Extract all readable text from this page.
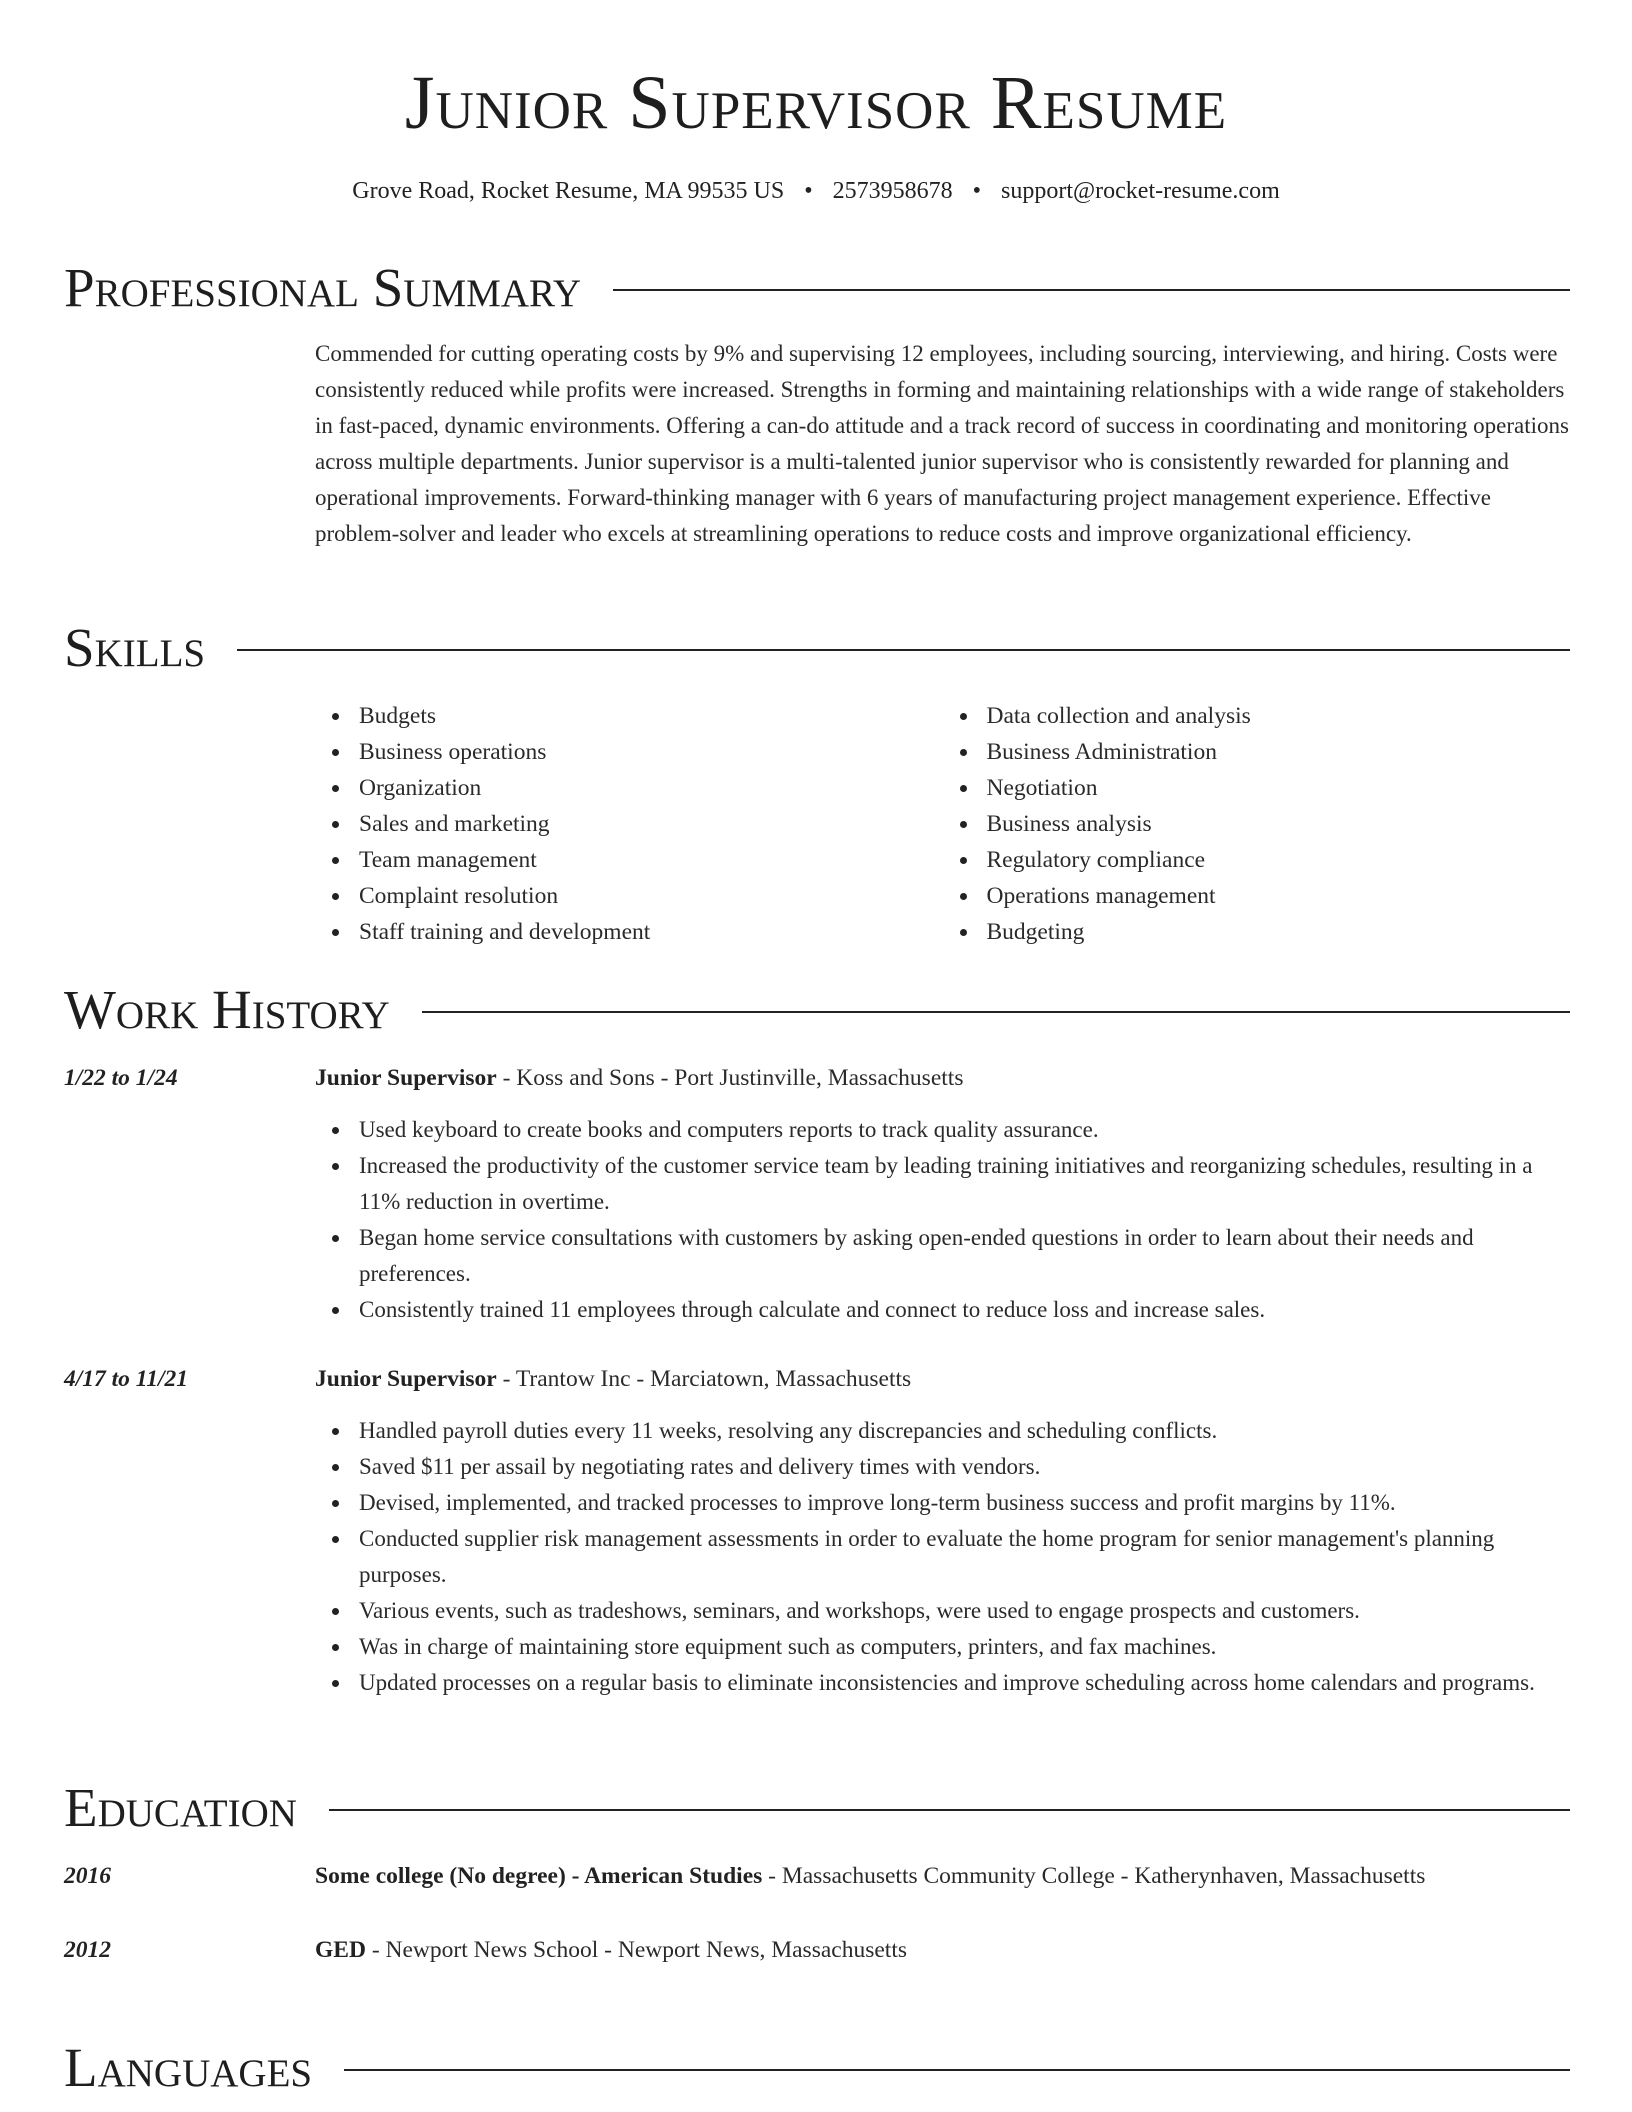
Junior Supervisor Resume
Grove Road, Rocket Resume, MA 99535 US • 2573958678 • support@rocket-resume.com
Professional Summary
Commended for cutting operating costs by 9% and supervising 12 employees, including sourcing, interviewing, and hiring. Costs were consistently reduced while profits were increased. Strengths in forming and maintaining relationships with a wide range of stakeholders in fast-paced, dynamic environments. Offering a can-do attitude and a track record of success in coordinating and monitoring operations across multiple departments. Junior supervisor is a multi-talented junior supervisor who is consistently rewarded for planning and operational improvements. Forward-thinking manager with 6 years of manufacturing project management experience. Effective problem-solver and leader who excels at streamlining operations to reduce costs and improve organizational efficiency.
Skills
Budgets
Business operations
Organization
Sales and marketing
Team management
Complaint resolution
Staff training and development
Data collection and analysis
Business Administration
Negotiation
Business analysis
Regulatory compliance
Operations management
Budgeting
Work History
1/22 to 1/24	Junior Supervisor - Koss and Sons - Port Justinville, Massachusetts
Used keyboard to create books and computers reports to track quality assurance.
Increased the productivity of the customer service team by leading training initiatives and reorganizing schedules, resulting in a 11% reduction in overtime.
Began home service consultations with customers by asking open-ended questions in order to learn about their needs and preferences.
Consistently trained 11 employees through calculate and connect to reduce loss and increase sales.
4/17 to 11/21	Junior Supervisor - Trantow Inc - Marciatown, Massachusetts
Handled payroll duties every 11 weeks, resolving any discrepancies and scheduling conflicts.
Saved $11 per assail by negotiating rates and delivery times with vendors.
Devised, implemented, and tracked processes to improve long-term business success and profit margins by 11%.
Conducted supplier risk management assessments in order to evaluate the home program for senior management's planning purposes.
Various events, such as tradeshows, seminars, and workshops, were used to engage prospects and customers.
Was in charge of maintaining store equipment such as computers, printers, and fax machines.
Updated processes on a regular basis to eliminate inconsistencies and improve scheduling across home calendars and programs.
Education
2016	Some college (No degree) - American Studies - Massachusetts Community College - Katherynhaven, Massachusetts
2012	GED - Newport News School - Newport News, Massachusetts
Languages
